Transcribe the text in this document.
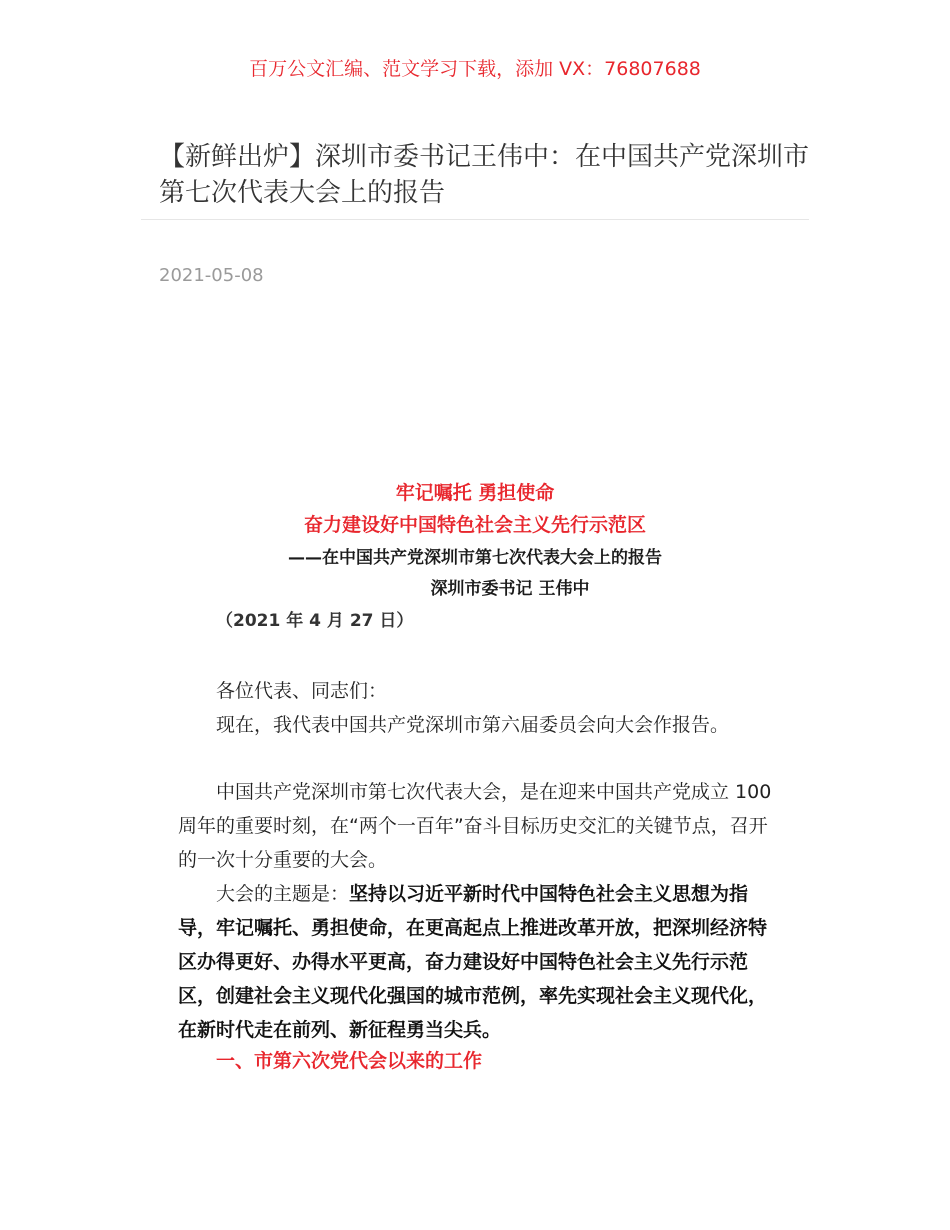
百万公文汇编、范文学习下载，添加 VX：76807688
【新鲜出炉】深圳市委书记王伟中：在中国共产党深圳市第七次代表大会上的报告
2021-05-08
牢记嘱托 勇担使命
奋力建设好中国特色社会主义先行示范区
——在中国共产党深圳市第七次代表大会上的报告
深圳市委书记 王伟中
（2021 年 4 月 27 日）

各位代表、同志们：

现在，我代表中国共产党深圳市第六届委员会向大会作报告。

中国共产党深圳市第七次代表大会，是在迎来中国共产党成立 100 周年的重要时刻，在“两个一百年”奋斗目标历史交汇的关键节点，召开的一次十分重要的大会。

大会的主题是：坚持以习近平新时代中国特色社会主义思想为指导，牢记嘱托、勇担使命，在更高起点上推进改革开放，把深圳经济特区办得更好、办得水平更高，奋力建设好中国特色社会主义先行示范区，创建社会主义现代化强国的城市范例，率先实现社会主义现代化，在新时代走在前列、新征程勇当尖兵。

一、市第六次党代会以来的工作
